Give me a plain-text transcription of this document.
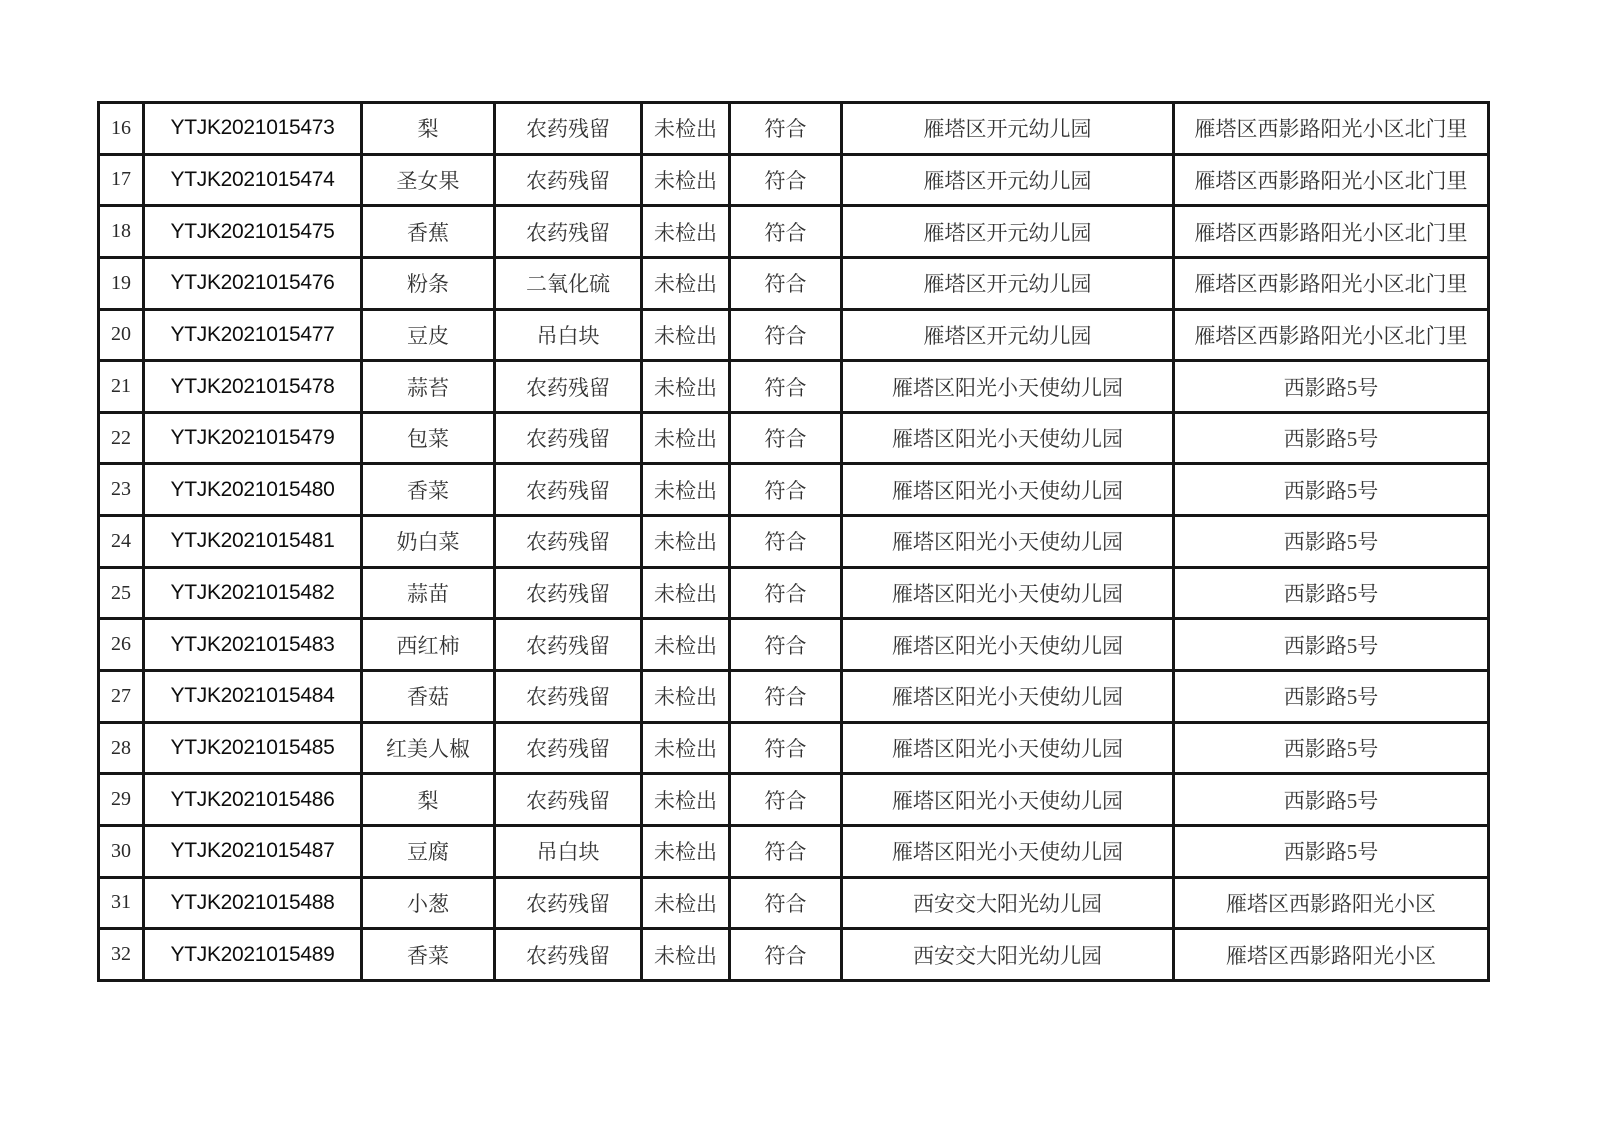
16	YTJK2021015473	梨	农药残留	未检出	符合	雁塔区开元幼儿园	雁塔区西影路阳光小区北门里
17	YTJK2021015474	圣女果	农药残留	未检出	符合	雁塔区开元幼儿园	雁塔区西影路阳光小区北门里
18	YTJK2021015475	香蕉	农药残留	未检出	符合	雁塔区开元幼儿园	雁塔区西影路阳光小区北门里
19	YTJK2021015476	粉条	二氧化硫	未检出	符合	雁塔区开元幼儿园	雁塔区西影路阳光小区北门里
20	YTJK2021015477	豆皮	吊白块	未检出	符合	雁塔区开元幼儿园	雁塔区西影路阳光小区北门里
21	YTJK2021015478	蒜苔	农药残留	未检出	符合	雁塔区阳光小天使幼儿园	西影路5号
22	YTJK2021015479	包菜	农药残留	未检出	符合	雁塔区阳光小天使幼儿园	西影路5号
23	YTJK2021015480	香菜	农药残留	未检出	符合	雁塔区阳光小天使幼儿园	西影路5号
24	YTJK2021015481	奶白菜	农药残留	未检出	符合	雁塔区阳光小天使幼儿园	西影路5号
25	YTJK2021015482	蒜苗	农药残留	未检出	符合	雁塔区阳光小天使幼儿园	西影路5号
26	YTJK2021015483	西红柿	农药残留	未检出	符合	雁塔区阳光小天使幼儿园	西影路5号
27	YTJK2021015484	香菇	农药残留	未检出	符合	雁塔区阳光小天使幼儿园	西影路5号
28	YTJK2021015485	红美人椒	农药残留	未检出	符合	雁塔区阳光小天使幼儿园	西影路5号
29	YTJK2021015486	梨	农药残留	未检出	符合	雁塔区阳光小天使幼儿园	西影路5号
30	YTJK2021015487	豆腐	吊白块	未检出	符合	雁塔区阳光小天使幼儿园	西影路5号
31	YTJK2021015488	小葱	农药残留	未检出	符合	西安交大阳光幼儿园	雁塔区西影路阳光小区
32	YTJK2021015489	香菜	农药残留	未检出	符合	西安交大阳光幼儿园	雁塔区西影路阳光小区
